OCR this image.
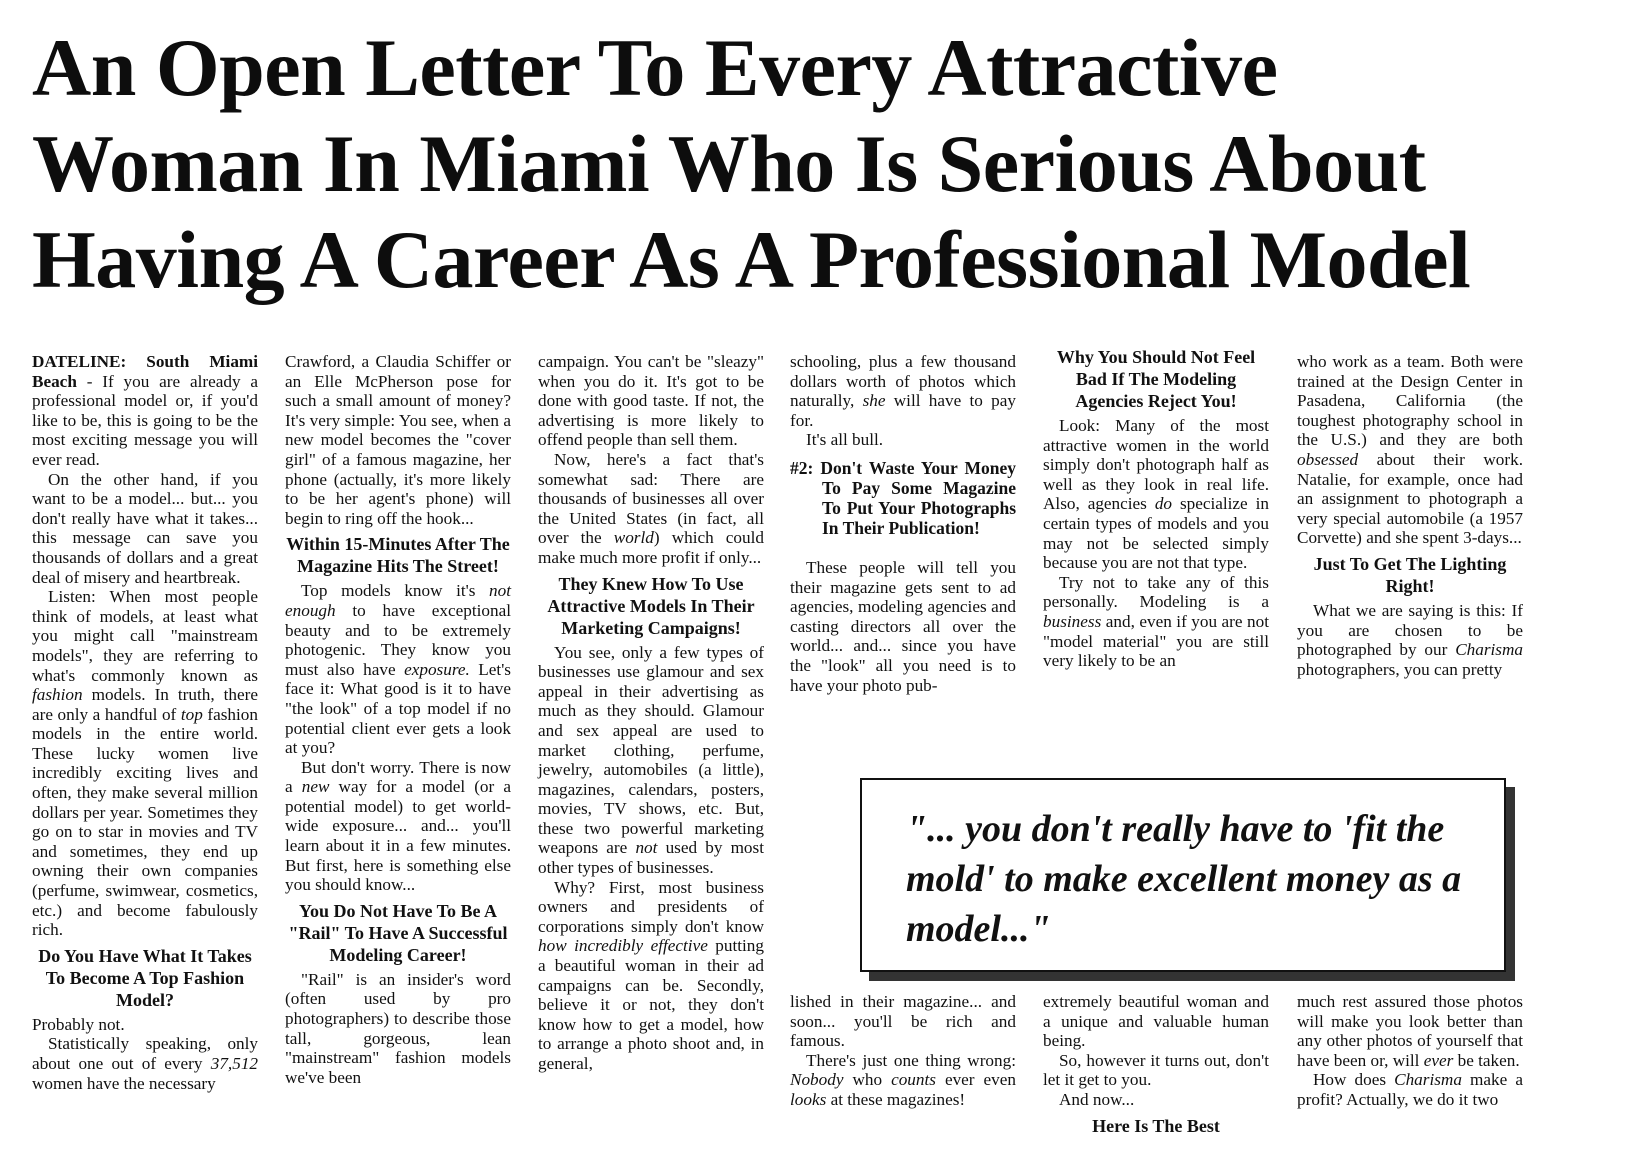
An Open Letter To Every Attractive
Woman In Miami Who Is Serious About
Having A Career As A Professional Model

DATELINE: South Miami Beach - If you are already a professional model or, if you'd like to be, this is going to be the most exciting message you will ever read.

On the other hand, if you want to be a model... but... you don't really have what it takes... this message can save you thousands of dollars and a great deal of misery and heartbreak.

Listen: When most people think of models, at least what you might call "mainstream models", they are referring to what's commonly known as fashion models. In truth, there are only a handful of top fashion models in the entire world. These lucky women live incredibly exciting lives and often, they make several million dollars per year. Sometimes they go on to star in movies and TV and sometimes, they end up owning their own companies (perfume, swimwear, cosmetics, etc.) and become fabulously rich.

Do You Have What It Takes To Become A Top Fashion Model?

Probably not.

Statistically speaking, only about one out of every 37,512 women have the necessary

Crawford, a Claudia Schiffer or an Elle McPherson pose for such a small amount of money? It's very simple: You see, when a new model becomes the "cover girl" of a famous magazine, her phone (actually, it's more likely to be her agent's phone) will begin to ring off the hook...

Within 15-Minutes After The Magazine Hits The Street!

Top models know it's not enough to have exceptional beauty and to be extremely photogenic. They know you must also have exposure. Let's face it: What good is it to have "the look" of a top model if no potential client ever gets a look at you?

But don't worry. There is now a new way for a model (or a potential model) to get world-wide exposure... and... you'll learn about it in a few minutes. But first, here is something else you should know...

You Do Not Have To Be A "Rail" To Have A Successful Modeling Career!

"Rail" is an insider's word (often used by pro photographers) to describe those tall, gorgeous, lean "mainstream" fashion models we've been

campaign. You can't be "sleazy" when you do it. It's got to be done with good taste. If not, the advertising is more likely to offend people than sell them.

Now, here's a fact that's somewhat sad: There are thousands of businesses all over the United States (in fact, all over the world) which could make much more profit if only...

They Knew How To Use Attractive Models In Their Marketing Campaigns!

You see, only a few types of businesses use glamour and sex appeal in their advertising as much as they should. Glamour and sex appeal are used to market clothing, perfume, jewelry, automobiles (a little), magazines, calendars, posters, movies, TV shows, etc. But, these two powerful marketing weapons are not used by most other types of businesses.

Why? First, most business owners and presidents of corporations simply don't know how incredibly effective putting a beautiful woman in their ad campaigns can be. Secondly, believe it or not, they don't know how to get a model, how to arrange a photo shoot and, in general,

schooling, plus a few thousand dollars worth of photos which naturally, she will have to pay for.

It's all bull.

#2: Don't Waste Your Money To Pay Some Magazine To Put Your Photographs In Their Publication!

These people will tell you their magazine gets sent to ad agencies, modeling agencies and casting directors all over the world... and... since you have the "look" all you need is to have your photo pub-

lished in their magazine... and soon... you'll be rich and famous.

There's just one thing wrong: Nobody who counts ever even looks at these magazines!

Why You Should Not Feel Bad If The Modeling Agencies Reject You!

Look: Many of the most attractive women in the world simply don't photograph half as well as they look in real life. Also, agencies do specialize in certain types of models and you may not be selected simply because you are not that type.

Try not to take any of this personally. Modeling is a business and, even if you are not "model material" you are still very likely to be an

extremely beautiful woman and a unique and valuable human being.

So, however it turns out, don't let it get to you.

And now...

Here Is The Best

who work as a team. Both were trained at the Design Center in Pasadena, California (the toughest photography school in the U.S.) and they are both obsessed about their work. Natalie, for example, once had an assignment to photograph a very special automobile (a 1957 Corvette) and she spent 3-days...

Just To Get The Lighting Right!

What we are saying is this: If you are chosen to be photographed by our Charisma photographers, you can pretty

much rest assured those photos will make you look better than any other photos of yourself that have been or, will ever be taken.

How does Charisma make a profit? Actually, we do it two

"... you don't really have to 'fit the mold' to make excellent money as a model..."
